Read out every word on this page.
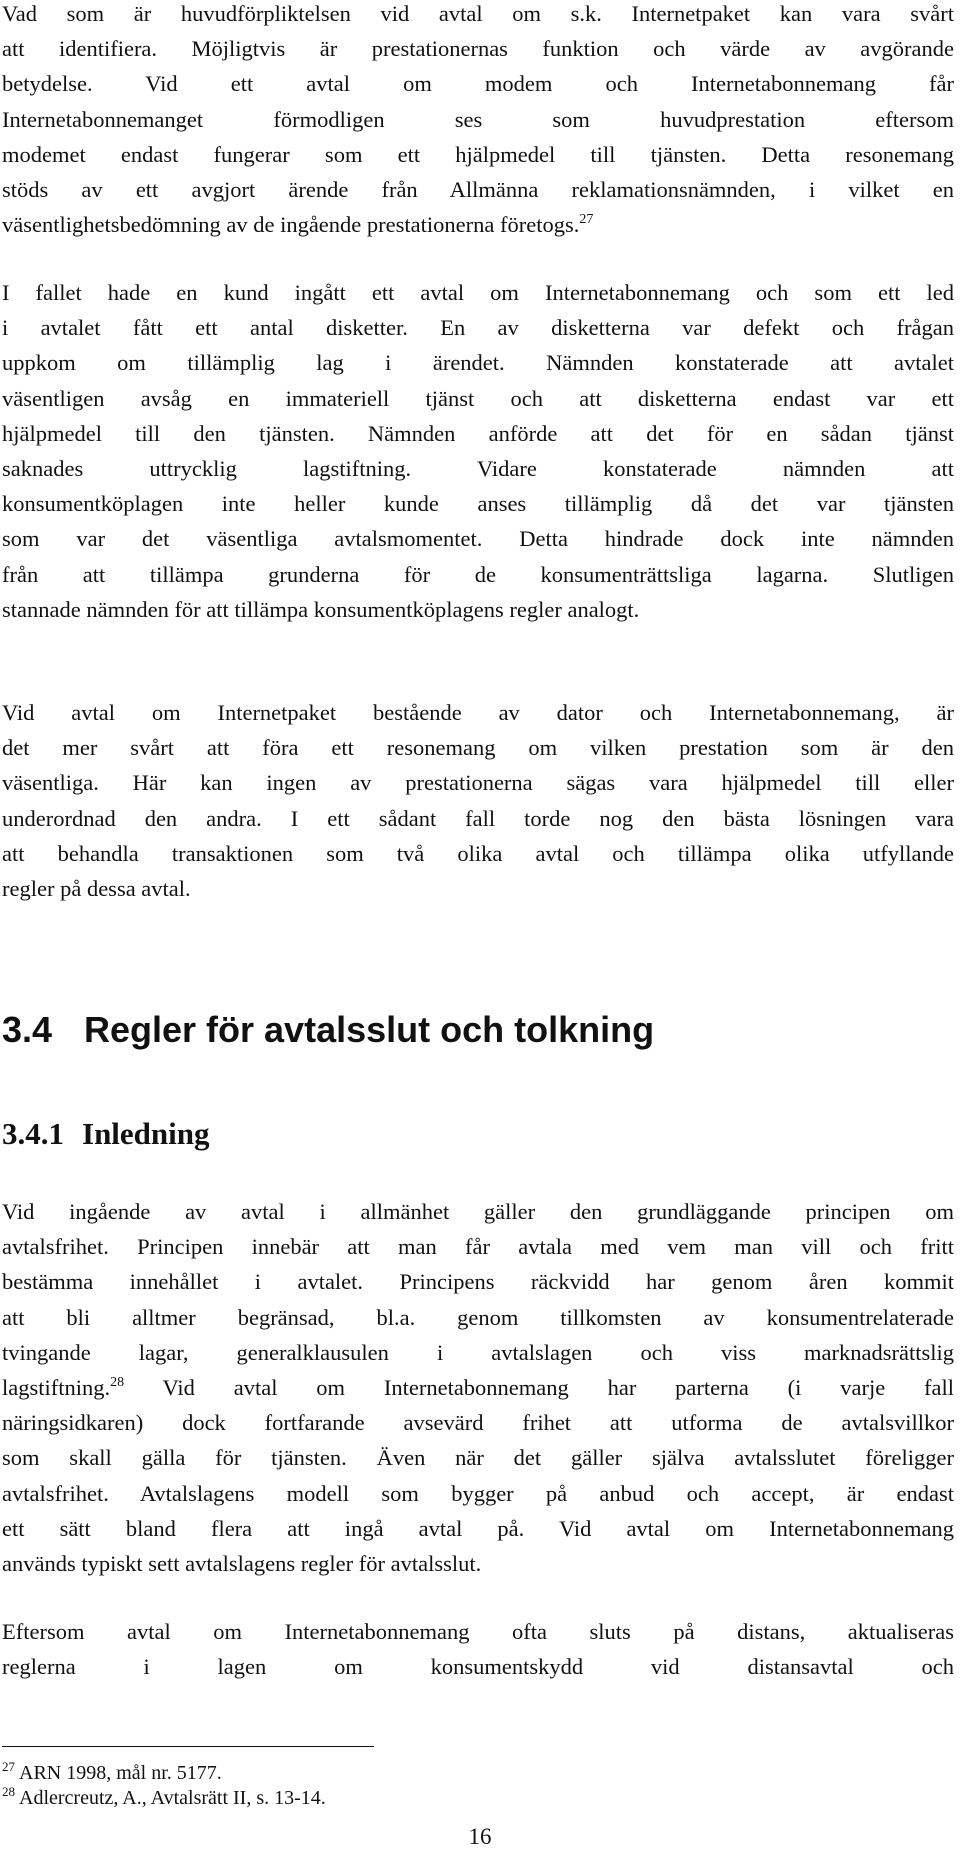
Vad som är huvudförpliktelsen vid avtal om s.k. Internetpaket kan vara svårt
att identifiera. Möjligtvis är prestationernas funktion och värde av avgörande
betydelse. Vid ett avtal om modem och Internetabonnemang får
Internetabonnemanget förmodligen ses som huvudprestation eftersom
modemet endast fungerar som ett hjälpmedel till tjänsten. Detta resonemang
stöds av ett avgjort ärende från Allmänna reklamationsnämnden, i vilket en
väsentlighetsbedömning av de ingående prestationerna företogs.$^{27}$

I fallet hade en kund ingått ett avtal om Internetabonnemang och som ett led
i avtalet fått ett antal disketter. En av disketterna var defekt och frågan
uppkom om tillämplig lag i ärendet. Nämnden konstaterade att avtalet
väsentligen avsåg en immateriell tjänst och att disketterna endast var ett
hjälpmedel till den tjänsten. Nämnden anförde att det för en sådan tjänst
saknades uttrycklig lagstiftning. Vidare konstaterade nämnden att
konsumentköplagen inte heller kunde anses tillämplig då det var tjänsten
som var det väsentliga avtalsmomentet. Detta hindrade dock inte nämnden
från att tillämpa grunderna för de konsumenträttsliga lagarna. Slutligen
stannade nämnden för att tillämpa konsumentköplagens regler analogt.

Vid avtal om Internetpaket bestående av dator och Internetabonnemang, är
det mer svårt att föra ett resonemang om vilken prestation som är den
väsentliga. Här kan ingen av prestationerna sägas vara hjälpmedel till eller
underordnad den andra. I ett sådant fall torde nog den bästa lösningen vara
att behandla transaktionen som två olika avtal och tillämpa olika utfyllande
regler på dessa avtal.

3.4 Regler för avtalsslut och tolkning
3.4.1 Inledning

Vid ingående av avtal i allmänhet gäller den grundläggande principen om
avtalsfrihet. Principen innebär att man får avtala med vem man vill och fritt
bestämma innehållet i avtalet. Principens räckvidd har genom åren kommit
att bli alltmer begränsad, bl.a. genom tillkomsten av konsumentrelaterade
tvingande lagar, generalklausulen i avtalslagen och viss marknadsrättslig
lagstiftning.$^{28}$ Vid avtal om Internetabonnemang har parterna (i varje fall
näringsidkaren) dock fortfarande avsevärd frihet att utforma de avtalsvillkor
som skall gälla för tjänsten. Även när det gäller själva avtalsslutet föreligger
avtalsfrihet. Avtalslagens modell som bygger på anbud och accept, är endast
ett sätt bland flera att ingå avtal på. Vid avtal om Internetabonnemang
används typiskt sett avtalslagens regler för avtalsslut.

Eftersom avtal om Internetabonnemang ofta sluts på distans, aktualiseras
reglerna i lagen om konsumentskydd vid distansavtal och

$^{27}$ ARN 1998, mål nr. 5177.
$^{28}$ Adlercreutz, A., Avtalsrätt II, s. 13-14.
16
